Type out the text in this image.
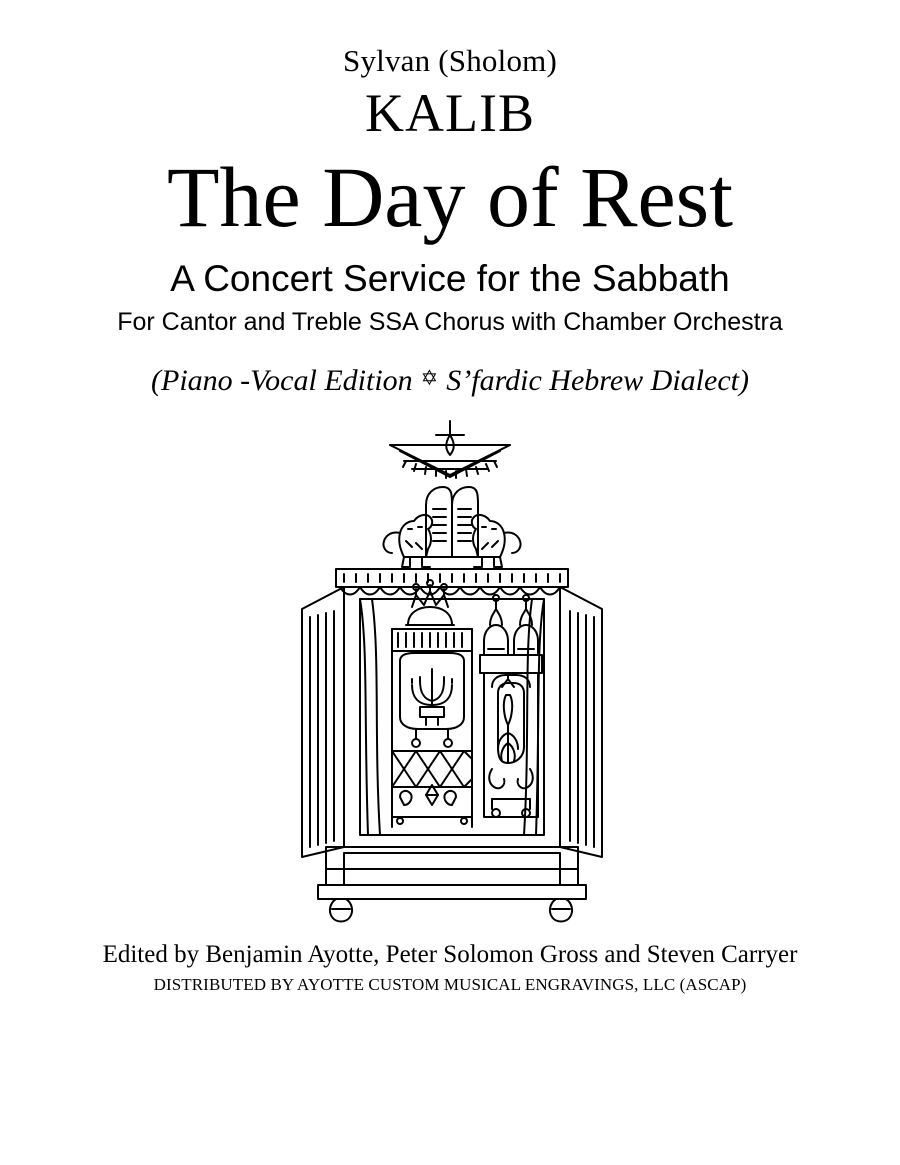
Sylvan (Sholom)
KALIB
The Day of Rest
A Concert Service for the Sabbath
For Cantor and Treble SSA Chorus with Chamber Orchestra
(Piano -Vocal Edition ✡ S’fardic Hebrew Dialect)
Edited by Benjamin Ayotte, Peter Solomon Gross and Steven Carryer
DISTRIBUTED BY AYOTTE CUSTOM MUSICAL ENGRAVINGS, LLC (ASCAP)
